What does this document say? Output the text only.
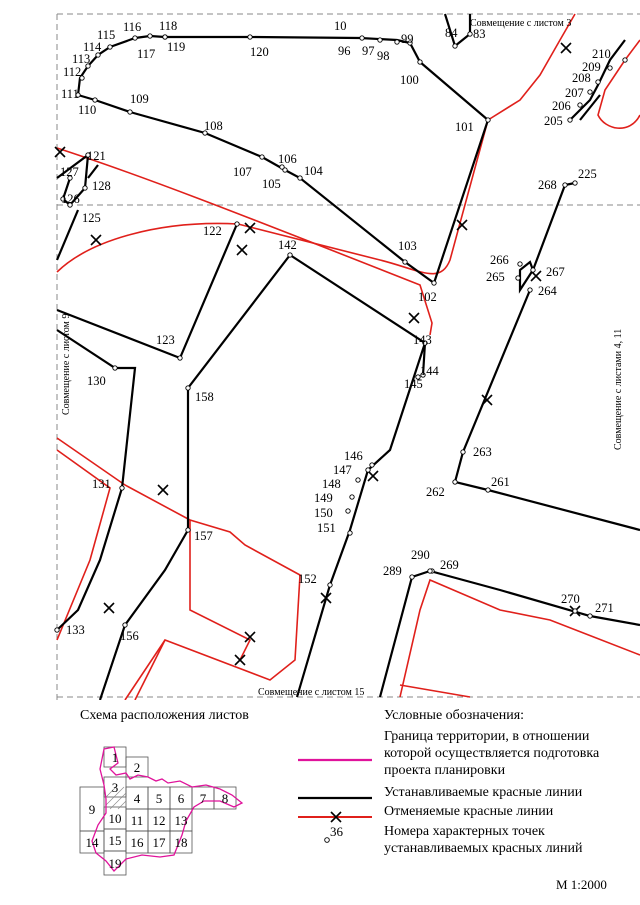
Совмещение с листом 3
Совмещение с листом 9	Совмещение с листами 4, 11
Совмещение с листом 15
10	84 83
99
96 97 98
100
101
102
103
104
105
106
107
108
109
110
111
112
113
114
115
116
117
118
119	120
121
122
123
125
126
127
128
130
131
133
142
143
144
145
146
147
148
149
150
151
152
156
157
158
205
206
207
208
209
210
225
261
262
263
264
265
266
267
268
269
270
271
289
290
Схема расположения листов
1
2
3
4 5 6 7 8
9
10 11 12 13
14 15 16 17 18
19
Условные обозначения:
36
Граница территории, в отношении которой осуществляется подготовка проекта планировки
Устанавливаемые красные линии
Отменяемые красные линии
Номера характерных точек устанавливаемых красных линий
М 1:2000
